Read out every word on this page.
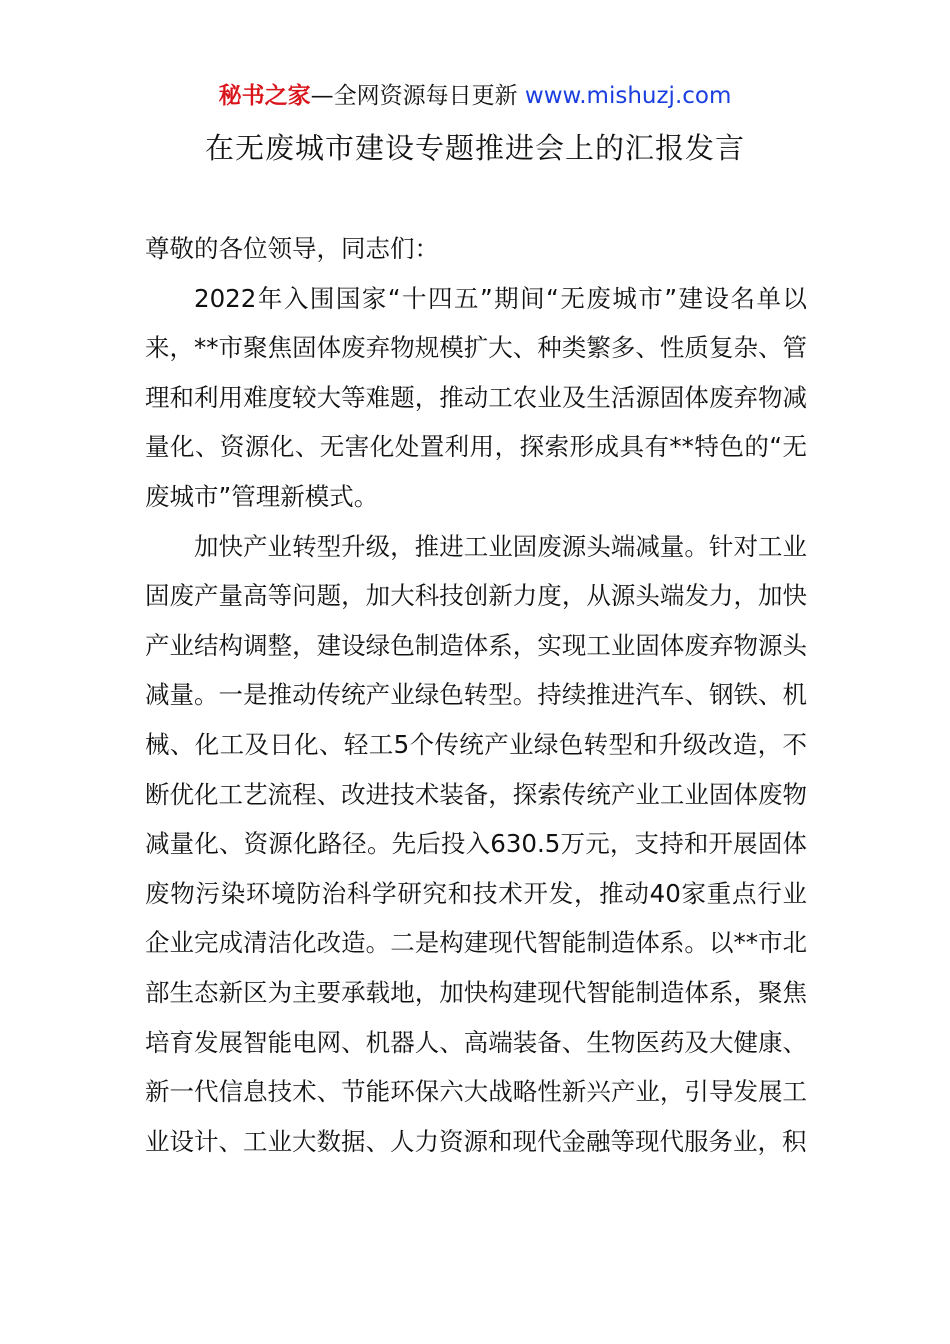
秘书之家—全网资源每日更新 www.mishuzj.com
在无废城市建设专题推进会上的汇报发言

尊敬的各位领导，同志们：

2022年入围国家“十四五”期间“无废城市”建设名单以来，**市聚焦固体废弃物规模扩大、种类繁多、性质复杂、管理和利用难度较大等难题，推动工农业及生活源固体废弃物减量化、资源化、无害化处置利用，探索形成具有**特色的“无废城市”管理新模式。

加快产业转型升级，推进工业固废源头端减量。针对工业固废产量高等问题，加大科技创新力度，从源头端发力，加快产业结构调整，建设绿色制造体系，实现工业固体废弃物源头减量。一是推动传统产业绿色转型。持续推进汽车、钢铁、机械、化工及日化、轻工5个传统产业绿色转型和升级改造，不断优化工艺流程、改进技术装备，探索传统产业工业固体废物减量化、资源化路径。先后投入630.5万元，支持和开展固体废物污染环境防治科学研究和技术开发，推动40家重点行业企业完成清洁化改造。二是构建现代智能制造体系。以**市北部生态新区为主要承载地，加快构建现代智能制造体系，聚焦培育发展智能电网、机器人、高端装备、生物医药及大健康、新一代信息技术、节能环保六大战略性新兴产业，引导发展工业设计、工业大数据、人力资源和现代金融等现代服务业，积
